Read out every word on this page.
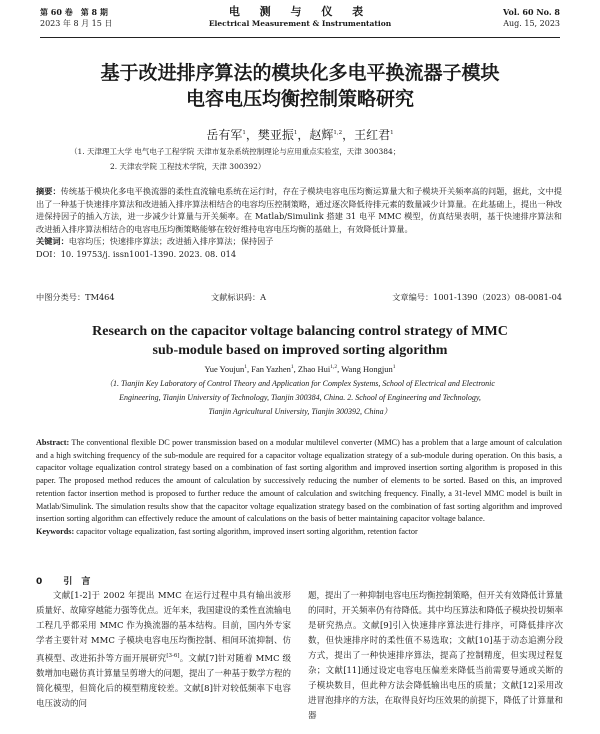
第 60 卷　第 8 期
2023 年 8 月 15 日
电 测 与 仪 表
Electrical Measurement & Instrumentation
Vol. 60 No. 8
Aug. 15, 2023
基于改进排序算法的模块化多电平换流器子模块
电容电压均衡控制策略研究
岳有军$^1$，樊亚振$^1$，赵辉$^{1,2}$，王红君$^1$
（1. 天津理工大学 电气电子工程学院 天津市复杂系统控制理论与应用重点实验室，天津 300384；
2. 天津农学院 工程技术学院，天津 300392）
摘要：传统基于模块化多电平换流器的柔性直流输电系统在运行时，存在子模块电容电压均衡运算量大和子模块开关频率高的问题，据此，文中提出了一种基于快速排序算法和改进插入排序算法相结合的电容均压控制策略，通过逐次降低待排元素的数量减少计算量。在此基础上，提出一种改进保持因子的插入方法，进一步减少计算量与开关频率。在 Matlab/Simulink 搭建 31 电平 MMC 模型，仿真结果表明，基于快速排序算法和改进插入排序算法相结合的电容电压均衡策略能够在较好维持电容电压均衡的基础上，有效降低计算量。
关键词：电容均压；快速排序算法；改进插入排序算法；保持因子
DOI：10. 19753/j. issn1001-1390. 2023. 08. 014
中图分类号：TM464	文献标识码：A	文章编号：1001-1390（2023）08-0081-04
Research on the capacitor voltage balancing control strategy of MMC
sub-module based on improved sorting algorithm
Yue Youjun$^1$, Fan Yazhen$^1$, Zhao Hui$^{1,2}$, Wang Hongjun$^1$
（1. Tianjin Key Laboratory of Control Theory and Application for Complex Systems, School of Electrical and Electronic
Engineering, Tianjin University of Technology, Tianjin 300384, China. 2. School of Engineering and Technology,
Tianjin Agricultural University, Tianjin 300392, China）
Abstract: The conventional flexible DC power transmission based on a modular multilevel converter (MMC) has a problem that a large amount of calculation and a high switching frequency of the sub-module are required for a capacitor voltage equalization strategy of a sub-module during operation. On this basis, a capacitor voltage equalization control strategy based on a combination of fast sorting algorithm and improved insertion sorting algorithm is proposed in this paper. The proposed method reduces the amount of calculation by successively reducing the number of elements to be sorted. Based on this, an improved retention factor insertion method is proposed to further reduce the amount of calculation and switching frequency. Finally, a 31-level MMC model is built in Matlab/Simulink. The simulation results show that the capacitor voltage equalization strategy based on the combination of fast sorting algorithm and improved insertion sorting algorithm can effectively reduce the amount of calculations on the basis of better maintaining capacitor voltage balance.
Keywords: capacitor voltage equalization, fast sorting algorithm, improved insert sorting algorithm, retention factor
0 引　言
文献[1-2]于 2002 年提出 MMC 在运行过程中具有输出波形质量好、故障穿越能力强等优点。近年来，我国建设的柔性直流输电工程几乎都采用 MMC 作为换流器的基本结构。目前，国内外专家学者主要针对 MMC 子模块电容电压均衡控制、相间环流抑制、仿真模型、改进拓扑等方面开展研究[3-6]。文献[7]针对随着 MMC 级数增加电磁仿真计算量呈剪增大的问题，提出了一种基于数学方程的简化模型，但简化后的模型精度较差。文献[8]针对较低频率下电容电压波动的问
题，提出了一种抑制电容电压均衡控制策略，但开关有效降低计算量的同时，开关频率仍有待降低。其中均压算法和降低子模块投切频率是研究热点。文献[9]引入快速排序算法进行排序，可降低排序次数，但快速排序时的柔性值不易选取；文献[10]基于动态追溯分段方式，提出了一种快速排序算法，提高了控制精度，但实现过程复杂；文献[11]通过设定电容电压偏差来降低当前需要导通或关断的子模块数目，但此种方法会降低输出电压的质量；文献[12]采用改进冒泡排序的方法，在取得良好均压效果的前提下，降低了计算量和器
